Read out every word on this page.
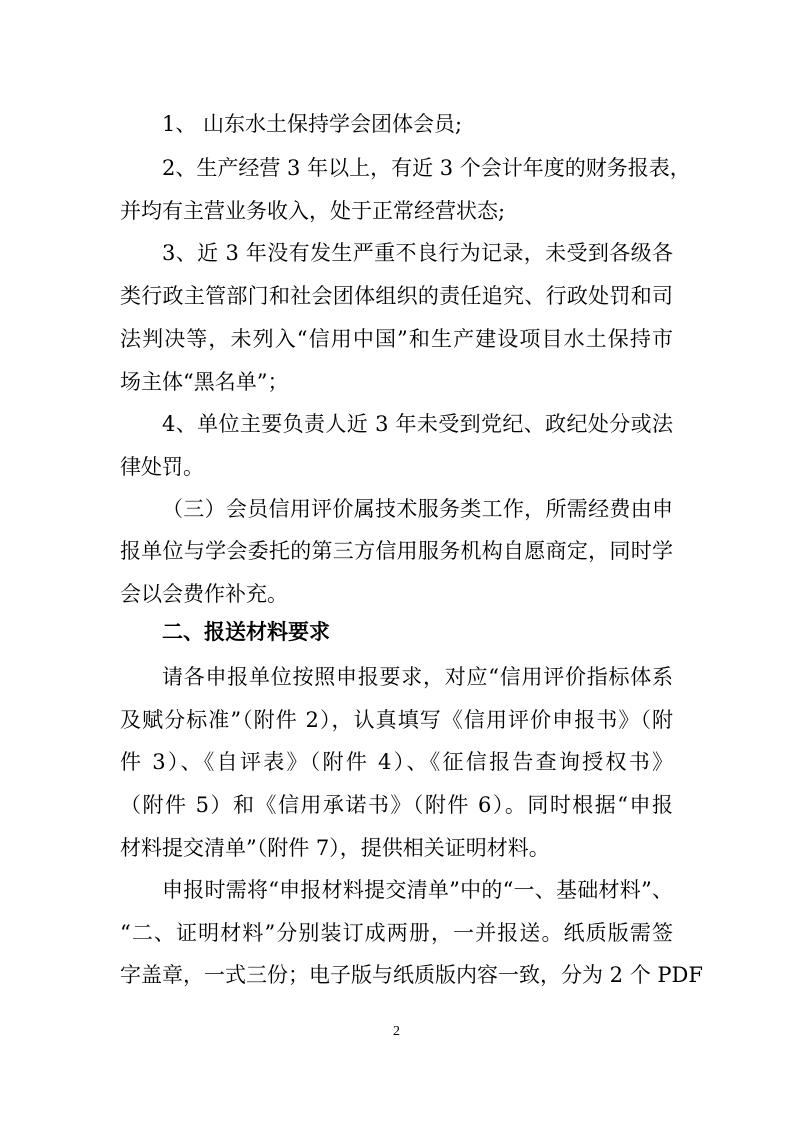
1、 山东水土保持学会团体会员;
2、生产经营 3 年以上，有近 3 个会计年度的财务报表，
并均有主营业务收入，处于正常经营状态;
3、近 3 年没有发生严重不良行为记录，未受到各级各
类行政主管部门和社会团体组织的责任追究、行政处罚和司
法判决等，未列入“信用中国”和生产建设项目水土保持市
场主体“黑名单”；
4、单位主要负责人近 3 年未受到党纪、政纪处分或法
律处罚。
（三）会员信用评价属技术服务类工作，所需经费由申
报单位与学会委托的第三方信用服务机构自愿商定，同时学
会以会费作补充。
二、报送材料要求
请各申报单位按照申报要求，对应“信用评价指标体系
及赋分标准”（附件 2），认真填写《信用评价申报书》（附
件 3）、《自评表》（附件 4）、《征信报告查询授权书》
（附件 5）和《信用承诺书》（附件 6）。同时根据“申报
材料提交清单”（附件 7），提供相关证明材料。
申报时需将“申报材料提交清单”中的“一、基础材料”、
“二、证明材料”分别装订成两册，一并报送。纸质版需签
字盖章，一式三份；电子版与纸质版内容一致，分为 2 个 PDF
2
